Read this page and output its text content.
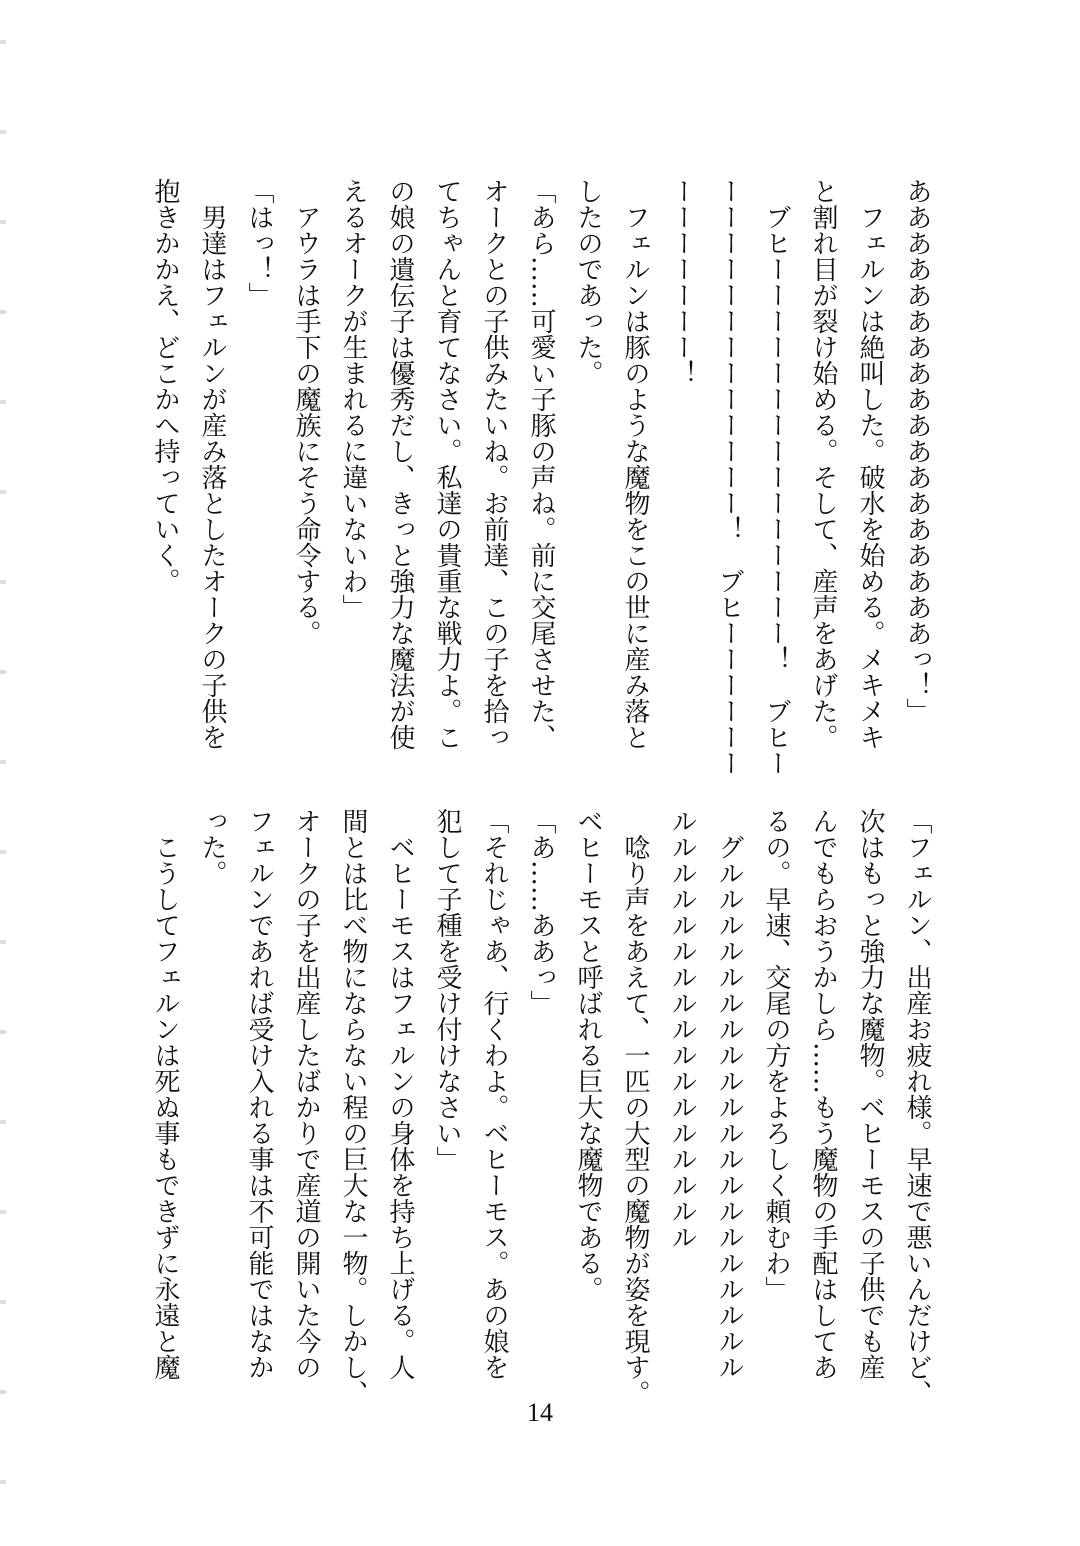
ああああああああああああああああああっ！」
　フェルンは絶叫した。破水を始める。メキメキ
と割れ目が裂け始める。そして、産声をあげた。
　ブヒーーーーーーーーーーーーーーー！　ブヒー
ーーーーーーーーーーーーー！　ブヒーーーーーー
ーーーーーーー！
　フェルンは豚のような魔物をこの世に産み落と
したのであった。
「あら……可愛い子豚の声ね。前に交尾させた、
オークとの子供みたいね。お前達、この子を拾っ
てちゃんと育てなさい。私達の貴重な戦力よ。こ
の娘の遺伝子は優秀だし、きっと強力な魔法が使
えるオークが生まれるに違いないわ」
　アウラは手下の魔族にそう命令する。
「はっ！」
　男達はフェルンが産み落としたオークの子供を
抱きかかえ、どこかへ持っていく。
「フェルン、出産お疲れ様。早速で悪いんだけど、
次はもっと強力な魔物。ベヒーモスの子供でも産
んでもらおうかしら……もう魔物の手配はしてあ
るの。早速、交尾の方をよろしく頼むわ」
　グルルルルルルルルルルルルルルルルルルルル
ルルルルルルルルルルルルルルルルル
　唸り声をあえて、一匹の大型の魔物が姿を現す。
ベヒーモスと呼ばれる巨大な魔物である。
「あ……ああっ」
「それじゃあ、行くわよ。ベヒーモス。あの娘を
犯して子種を受け付けなさい」
　ベヒーモスはフェルンの身体を持ち上げる。人
間とは比べ物にならない程の巨大な一物。しかし、
オークの子を出産したばかりで産道の開いた今の
フェルンであれば受け入れる事は不可能ではなか
った。
　こうしてフェルンは死ぬ事もできずに永遠と魔
14
